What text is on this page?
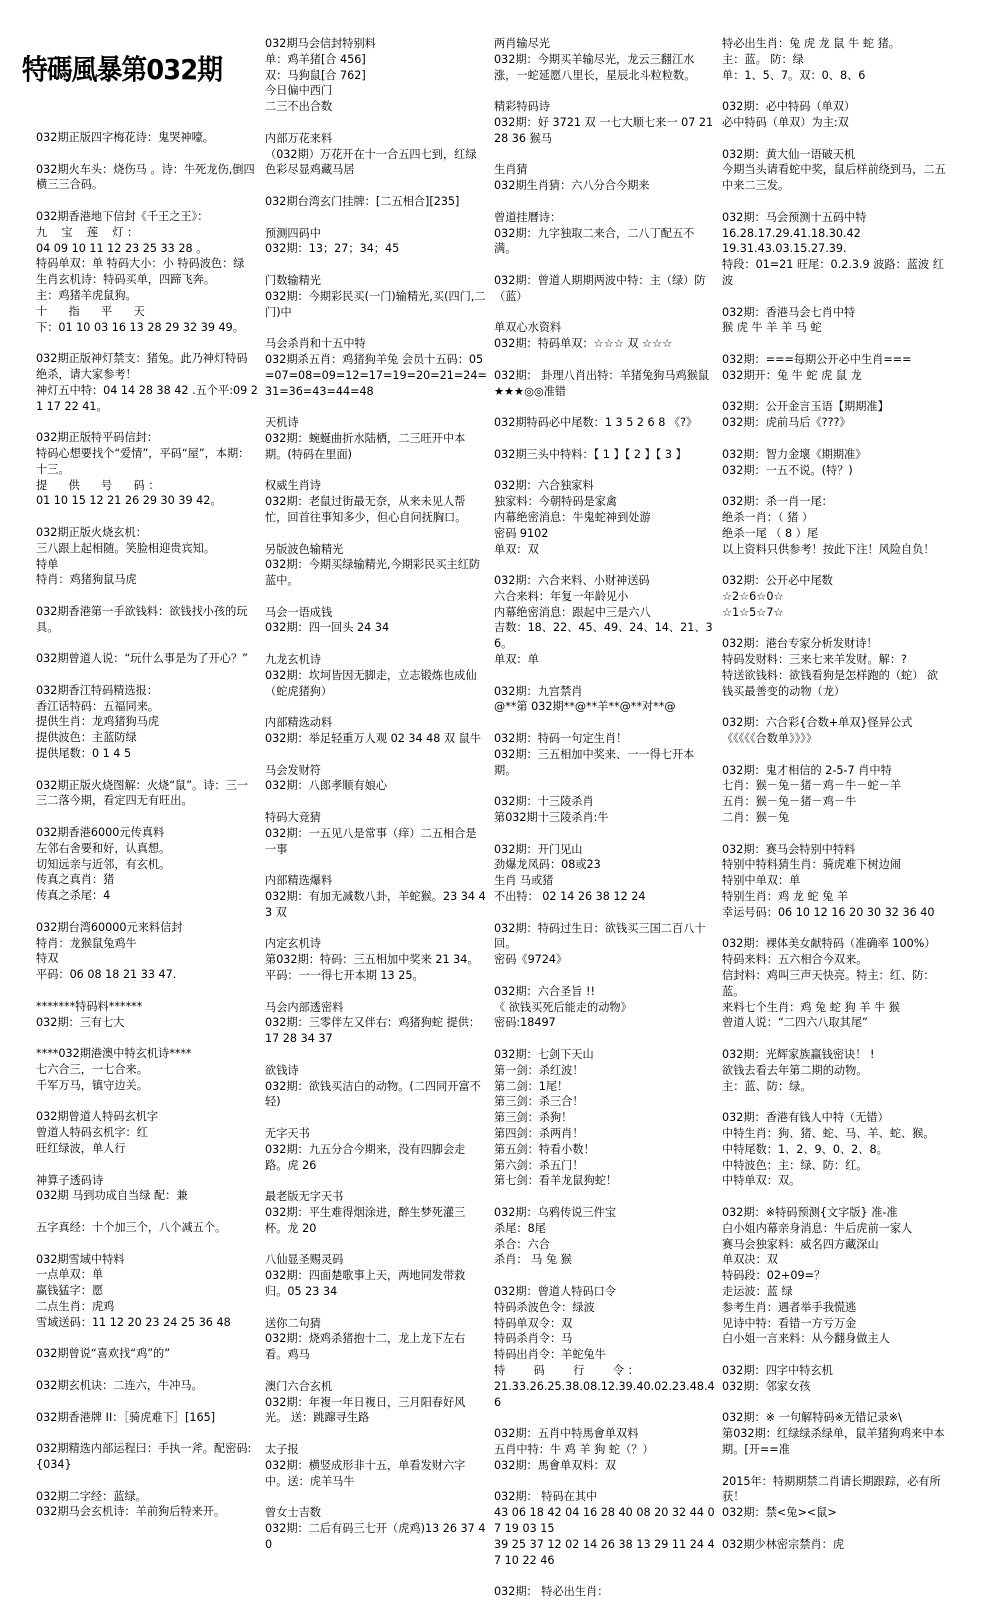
特碼風暴第032期
032期正版四字梅花诗：鬼哭神嚎。
032期火车头：烧伤马 。诗：牛死龙伤,倒四横三三合码。
032期香港地下信封《千王之王》：
九    宝    莲    灯 ：
04 09 10 11 12 23 25 33 28 。
特码单双：单 特码大小：小 特码波色：绿
生肖玄机诗：特码买单，四蹄飞奔。
主：鸡猪羊虎鼠狗。
十      指      平      天
下：01 10 03 16 13 28 29 32 39 49。
032期正版神灯禁支：猪兔。此乃神灯特码绝杀，请大家参考！
神灯五中特：04 14 28 38 42 .五个平:09 21 17 22 41。
032期正版特平码信封：
特码心想要找个“爱情”，平码“屋”，本期：十三。
提      供      号      码 ：
01 10 15 12 21 26 29 30 39 42。
032期正版火烧玄机：
三八跟上起相随。笑脸相迎贵宾知。
特单
特肖：鸡猪狗鼠马虎
032期香港第一手欲钱料：欲钱找小孩的玩具。
032期曾道人说：“玩什么事是为了开心？”
032期香江特码精选报：
香江话特码：五福同来。
提供生肖：龙鸡猪狗马虎
提供波色：主蓝防绿
提供尾数：0 1 4 5
032期正版火烧图解：火烧“鼠”。诗：三一三二落今期，看定四无有旺出。
032期香港6000元传真料
左邻右舍要和好，认真想。
切知远亲与近邻，有玄机。
传真之真肖：猪
传真之杀尾：4
032期台湾60000元来料信封
特肖：龙猴鼠兔鸡牛
特双
平码：06 08 18 21 33 47.
*******特码料******
032期：三有七大
****032期港澳中特玄机诗****
七六合三，一七合来。
千军万马，镇守边关。
032期曾道人特码玄机字
曾道人特码玄机字：红
旺红绿波，单人行
神算子透码诗
032期 马到功成自当绿 配：兼
五字真经：十个加三个，八个减五个。
032期雪域中特料
一点单双：单
赢钱猛字：愿
二点生肖：虎鸡
雪域送码：11 12 20 23 24 25 36 48
032期曾说“喜欢找“鸡”的”
032期玄机诀：二连六，牛冲马。
032期香港牌 II：［骑虎难下］[165]
032期精选内部运程曰：手执一斧。配密码:{034}
032期二字经：蓝绿。
032期马会玄机诗：羊前狗后特来开。
032期马会信封特别料
单：鸡羊猪[合 456]
双：马狗鼠[合 762]
今日偏中西门
二三不出合数
内部万花来料
（032期）万花开在十一合五四七到，红绿色彩尽显鸡藏马居
032期台湾玄门挂牌：[二五相合][235]
预测四码中
032期：13；27；34；45
门数输精光
032期：今期彩民买(一门)输精光,买(四门,二门)中
马会杀肖和十五中特
032期杀五肖：鸡猪狗羊兔 会员十五码：05=07=08=09=12=17=19=20=21=24=31=36=43=44=48
天机诗
032期：蜿蜒曲折水陆栖，二三旺开中本期。(特码在里面)
权威生肖诗
032期：老鼠过街最无奈，从来未见人帮忙，回首往事知多少，但心自问抚胸口。
另版波色输精光
032期：今期买绿输精光,今期彩民买主红防蓝中。
马会一语成钱
032期：四一回头 24 34
九龙玄机诗
032期：坎坷皆因无脚走，立志锻炼也成仙（蛇虎猪狗）
内部精选动料
032期：举足轻重万人观 02 34 48 双 鼠牛
马会发财符
032期：八郎孝顺有娘心
特码大竞猜
032期：一五见八是常事（痒）二五相合是一事
内部精选爆料
032期：有加无减数八卦，羊蛇猴。23 34 43 双
内定玄机诗
第032期：特码：三五相加中奖来 21 34。平码：一一得七开本期 13 25。
马会内部透密料
032期：三零伴左又伴右：鸡猪狗蛇 提供：17 28 34 37
欲钱诗
032期：欲钱买洁白的动物。(二四同开富不轻)
无字天书
032期：九五分合今期来，没有四脚会走路。虎 26
最老版无字天书
032期：平生难得烟涂进，醉生梦死灌三杯。龙 20
八仙显圣赐灵码
032期：四面楚歌事上天，两地同发带救归。05 23 34
送你二句猜
032期：烧鸡杀猪抱十二，龙上龙下左右看。鸡马
澳门六合玄机
032期：年複一年日複日，三月阳春好风光。 送：跳蹿寻生路
太子报
032期：横竖成形非十五，单看发财六字中。送：虎羊马牛
曾女士吉数
032期：二后有码三七开（虎鸡)13 26 37 40
两肖输尽光
032期：今期买羊输尽光，龙云三翻江水涨，一蛇延愿八里长，星辰北斗粒粒数。
精彩特码诗
032期：好 3721 双 一七大顺七来一 07 21 28 36 猴马
生肖猜
032期生肖猜：六八分合今期来
曾道挂曆诗：
032期：九字独取二来合，二八丁配五不满。
032期：曾道人期期两波中特：主（绿）防（蓝）
单双心水资料
032期：特码单双：☆☆☆ 双 ☆☆☆
032期： 卦理八肖出特：羊猪兔狗马鸡猴鼠★★★◎◎准错
032期特码必中尾数：1 3 5 2 6 8 《?》
032期三头中特料：【 1 】【 2 】【 3 】
032期：六合独家料
独家料：今朝特码是家禽
内幕绝密消息：牛鬼蛇神到处游
密码 9102
单双：双
032期：六合来料、小财神送码
六合来料：年复一年龄见小
内幕绝密消息：跟起中三是六八
吉数：18、22、45、49、24、14、21、36。
单双：单
032期：九宫禁肖
@**第 032期**@**羊**@**对**@
032期：特码一句定生肖！
032期：三五相加中奖来、一一得七开本期。
032期：十三陵杀肖
第032期十三陵杀肖:牛
032期：开门见山
劲爆龙凤码：08或23
生肖 马或猪
不出特： 02 14 26 38 12 24
032期：特码过生日：欲钱买三国二百八十回。
密码《9724》
032期：六合圣旨 !!
《 欲钱买死后能走的动物》
密码:18497
032期：七剑下天山
第一剑：杀红波！
第二剑：1尾！
第三剑：杀三合！
第三剑：杀狗！
第四剑：杀两肖！
第五剑：特看小数！
第六剑：杀五门！
第七剑：看羊龙鼠狗蛇！
032期：乌鸦传说三件宝
杀尾：8尾
杀合：六合
杀肖： 马 兔 猴
032期：曾道人特码口令
特码杀波色令：绿波
特码单双令：双
特码杀肖令：马
特码出肖令：羊蛇兔牛
特        码        行        令 ：
21.33.26.25.38.08.12.39.40.02.23.48.46
032期：五肖中特馬會单双料
五肖中特：牛 鸡 羊 狗 蛇（？）
032期：馬會单双料：双
032期： 特码在其中
43 06 18 42 04 16 28 40 08 20 32 44 07 19 03 15
39 25 37 12 02 14 26 38 13 29 11 24 47 10 22 46
032期： 特必出生肖：
特必出生肖：兔 虎 龙 鼠 牛 蛇 猪。
主：蓝。 防：绿
单：1、5、7。双：0、8、6
032期：必中特码（单双）
必中特码（单双）为主:双
032期：黄大仙一语破天机
今期当头请看蛇中奖，鼠后样前绕到马，二五中来二三发。
032期：马会预测十五码中特
16.28.17.29.41.18.30.42
19.31.43.03.15.27.39.
特段：01=21 旺尾：0.2.3.9 波路：蓝波 红波
032期：香港马会七肖中特
猴 虎 牛 羊 羊 马 蛇
032期：===每期公开必中生肖===
032期开：兔 牛 蛇 虎 鼠 龙
032期：公开金言玉语【期期准】
032期：虎前马后《???》
032期：智力金壞《期期准》
032期：一五不说。(特？)
032期：杀一肖一尾：
绝杀一肖：（ 猪 ）
绝杀一尾 （ 8 ）尾
以上资料只供参考！按此下注！风险自负！
032期：公开必中尾数
☆2☆6☆0☆
☆1☆5☆7☆
032期：港台专家分析发财诗！
特码发财料：三来七来羊发财。解：?
特送欲钱料：欲钱看狗是怎样跑的（蛇） 欲钱买最善变的动物（龙）
032期：六合彩{合数+单双}怪异公式
《《《《《合数单》》》》
032期：鬼才相信的 2-5-7 肖中特
七肖：猴－兔－猪－鸡－牛－蛇－羊
五肖：猴－兔－猪－鸡－牛
二肖：猴－兔
032期：赛马会特别中特料
特别中特料猜生肖：骑虎难下树边闹
特别中单双：单
特别生肖：鸡 龙 蛇 兔 羊
幸运号码：06 10 12 16 20 30 32 36 40
032期：裸体美女献特码（准确率 100%）
特码来料：五六相合今双来。
信封料：鸡叫三声天快亮。特主：红、防：蓝。
来料七个生肖：鸡 兔 蛇 狗 羊 牛 猴
曾道人说：“二四六八取其尾”
032期：光辉家族赢钱密诀！ !
欲钱去看去年第二期的动物。
主：蓝、防：绿。
032期：香港有钱人中特（无错）
中特生肖：狗、猪、蛇、马、羊、蛇、猴。
中特尾数：1、2、9、0、2、8。
中特波色：主：绿、防：红。
中特单双：双。
032期：※特码预测{文字版} 准-准
白小姐内幕亲身消息：牛后虎前一家人
赛马会独家料：威名四方藏深山
单双决：双
特码段：02+09=？
走运波：蓝 绿
参考生肖：遇者举手我慌逃
见诗中特：看错一方亏万金
白小姐一言来料：从今翻身做主人
032期：四字中特玄机
032期：邻家女孩
032期：※ 一句解特码※无错记录※\
第032期：红绿绿杀绿单，鼠羊猪狗鸡来中本期。[开==准
2015年：特期期禁二肖请长期跟踪，必有所获！
032期：禁<兔><鼠>
032期少林密宗禁肖：虎
